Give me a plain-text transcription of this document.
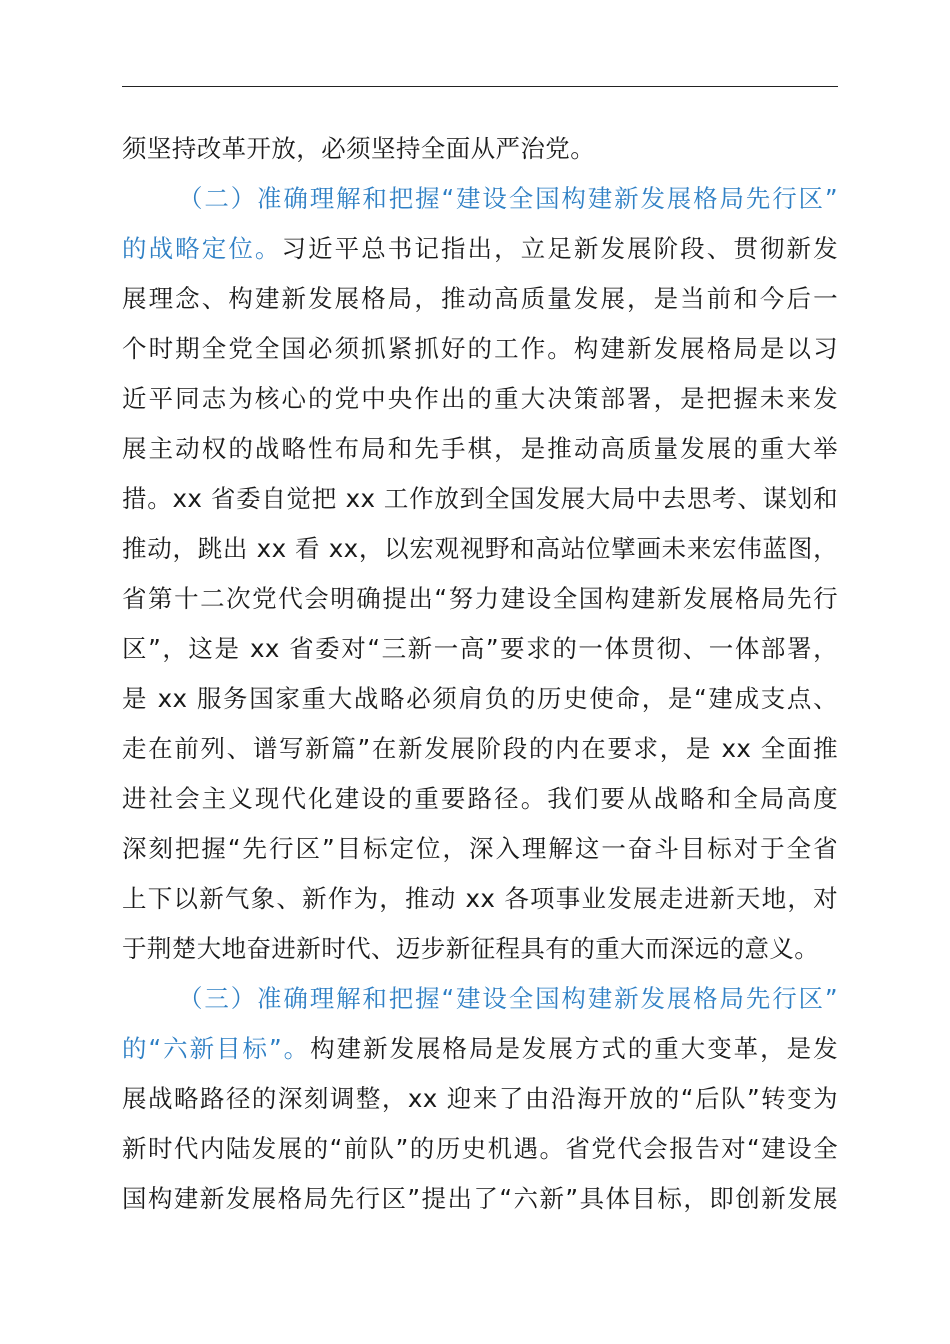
须坚持改革开放，必须坚持全面从严治党。
（二）准确理解和把握“建设全国构建新发展格局先行区”
的战略定位。习近平总书记指出，立足新发展阶段、贯彻新发
展理念、构建新发展格局，推动高质量发展，是当前和今后一
个时期全党全国必须抓紧抓好的工作。构建新发展格局是以习
近平同志为核心的党中央作出的重大决策部署，是把握未来发
展主动权的战略性布局和先手棋，是推动高质量发展的重大举
措。xx 省委自觉把 xx 工作放到全国发展大局中去思考、谋划和
推动，跳出 xx 看 xx，以宏观视野和高站位擘画未来宏伟蓝图，
省第十二次党代会明确提出“努力建设全国构建新发展格局先行
区”，这是 xx 省委对“三新一高”要求的一体贯彻、一体部署，
是 xx 服务国家重大战略必须肩负的历史使命，是“建成支点、
走在前列、谱写新篇”在新发展阶段的内在要求，是 xx 全面推
进社会主义现代化建设的重要路径。我们要从战略和全局高度
深刻把握“先行区”目标定位，深入理解这一奋斗目标对于全省
上下以新气象、新作为，推动 xx 各项事业发展走进新天地，对
于荆楚大地奋进新时代、迈步新征程具有的重大而深远的意义。
（三）准确理解和把握“建设全国构建新发展格局先行区”
的“六新目标”。构建新发展格局是发展方式的重大变革，是发
展战略路径的深刻调整，xx 迎来了由沿海开放的“后队”转变为
新时代内陆发展的“前队”的历史机遇。省党代会报告对“建设全
国构建新发展格局先行区”提出了“六新”具体目标，即创新发展
